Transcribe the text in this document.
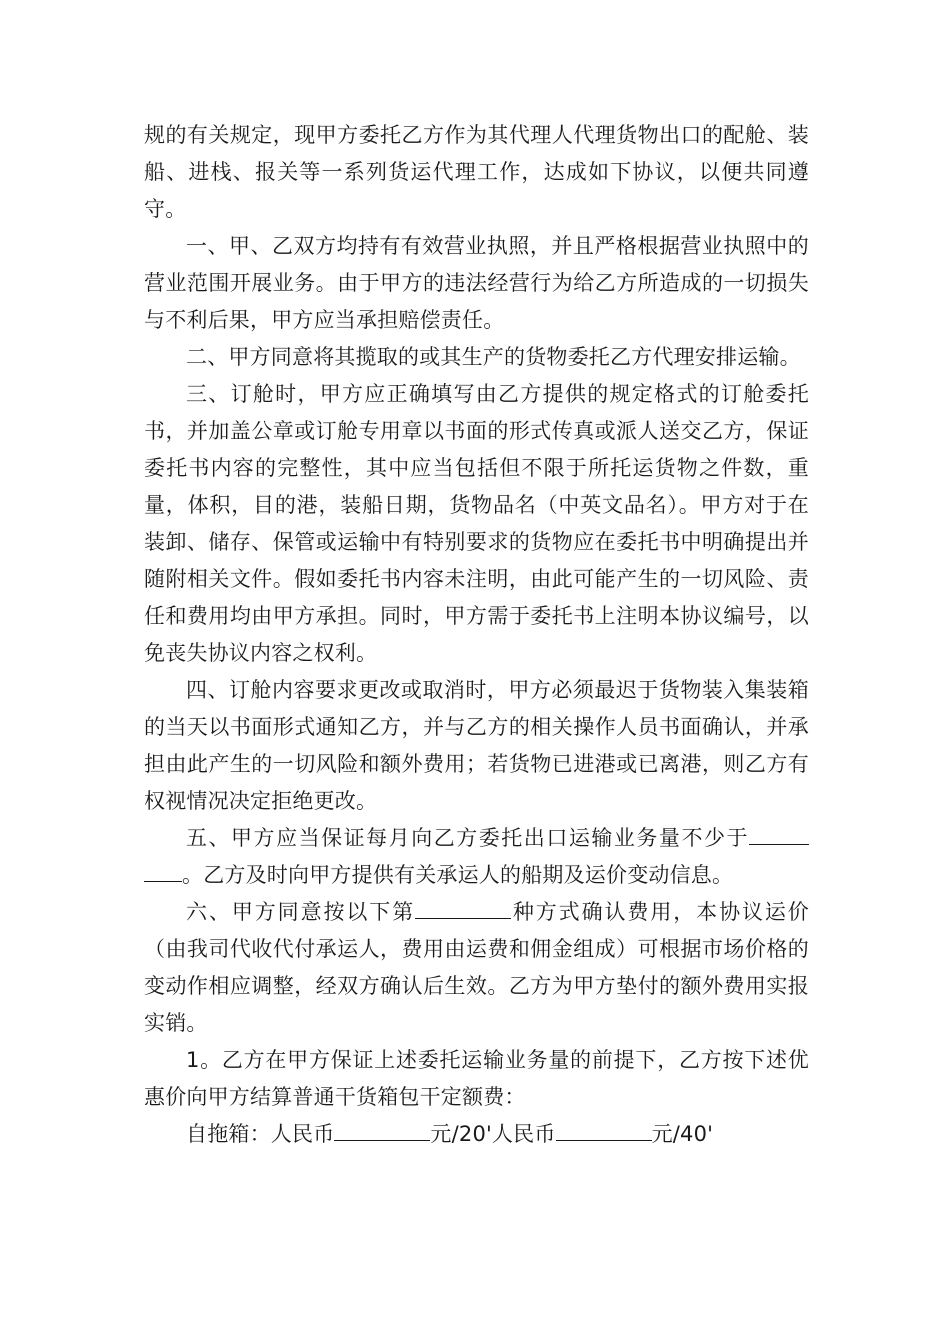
规的有关规定，现甲方委托乙方作为其代理人代理货物出口的配舱、装船、进栈、报关等一系列货运代理工作，达成如下协议，以便共同遵守。

一、甲、乙双方均持有有效营业执照，并且严格根据营业执照中的营业范围开展业务。由于甲方的违法经营行为给乙方所造成的一切损失与不利后果，甲方应当承担赔偿责任。

二、甲方同意将其揽取的或其生产的货物委托乙方代理安排运输。

三、订舱时，甲方应正确填写由乙方提供的规定格式的订舱委托书，并加盖公章或订舱专用章以书面的形式传真或派人送交乙方，保证委托书内容的完整性，其中应当包括但不限于所托运货物之件数，重量，体积，目的港，装船日期，货物品名（中英文品名）。甲方对于在装卸、储存、保管或运输中有特别要求的货物应在委托书中明确提出并随附相关文件。假如委托书内容未注明，由此可能产生的一切风险、责任和费用均由甲方承担。同时，甲方需于委托书上注明本协议编号，以免丧失协议内容之权利。

四、订舱内容要求更改或取消时，甲方必须最迟于货物装入集装箱的当天以书面形式通知乙方，并与乙方的相关操作人员书面确认，并承担由此产生的一切风险和额外费用；若货物已进港或已离港，则乙方有权视情况决定拒绝更改。

五、甲方应当保证每月向乙方委托出口运输业务量不少于。乙方及时向甲方提供有关承运人的船期及运价变动信息。

六、甲方同意按以下第	种方式确认费用，本协议运价（由我司代收代付承运人，费用由运费和佣金组成）可根据市场价格的变动作相应调整，经双方确认后生效。乙方为甲方垫付的额外费用实报实销。

1。乙方在甲方保证上述委托运输业务量的前提下，乙方按下述优惠价向甲方结算普通干货箱包干定额费：

自拖箱：人民币	元/20'人民币	元/40'
